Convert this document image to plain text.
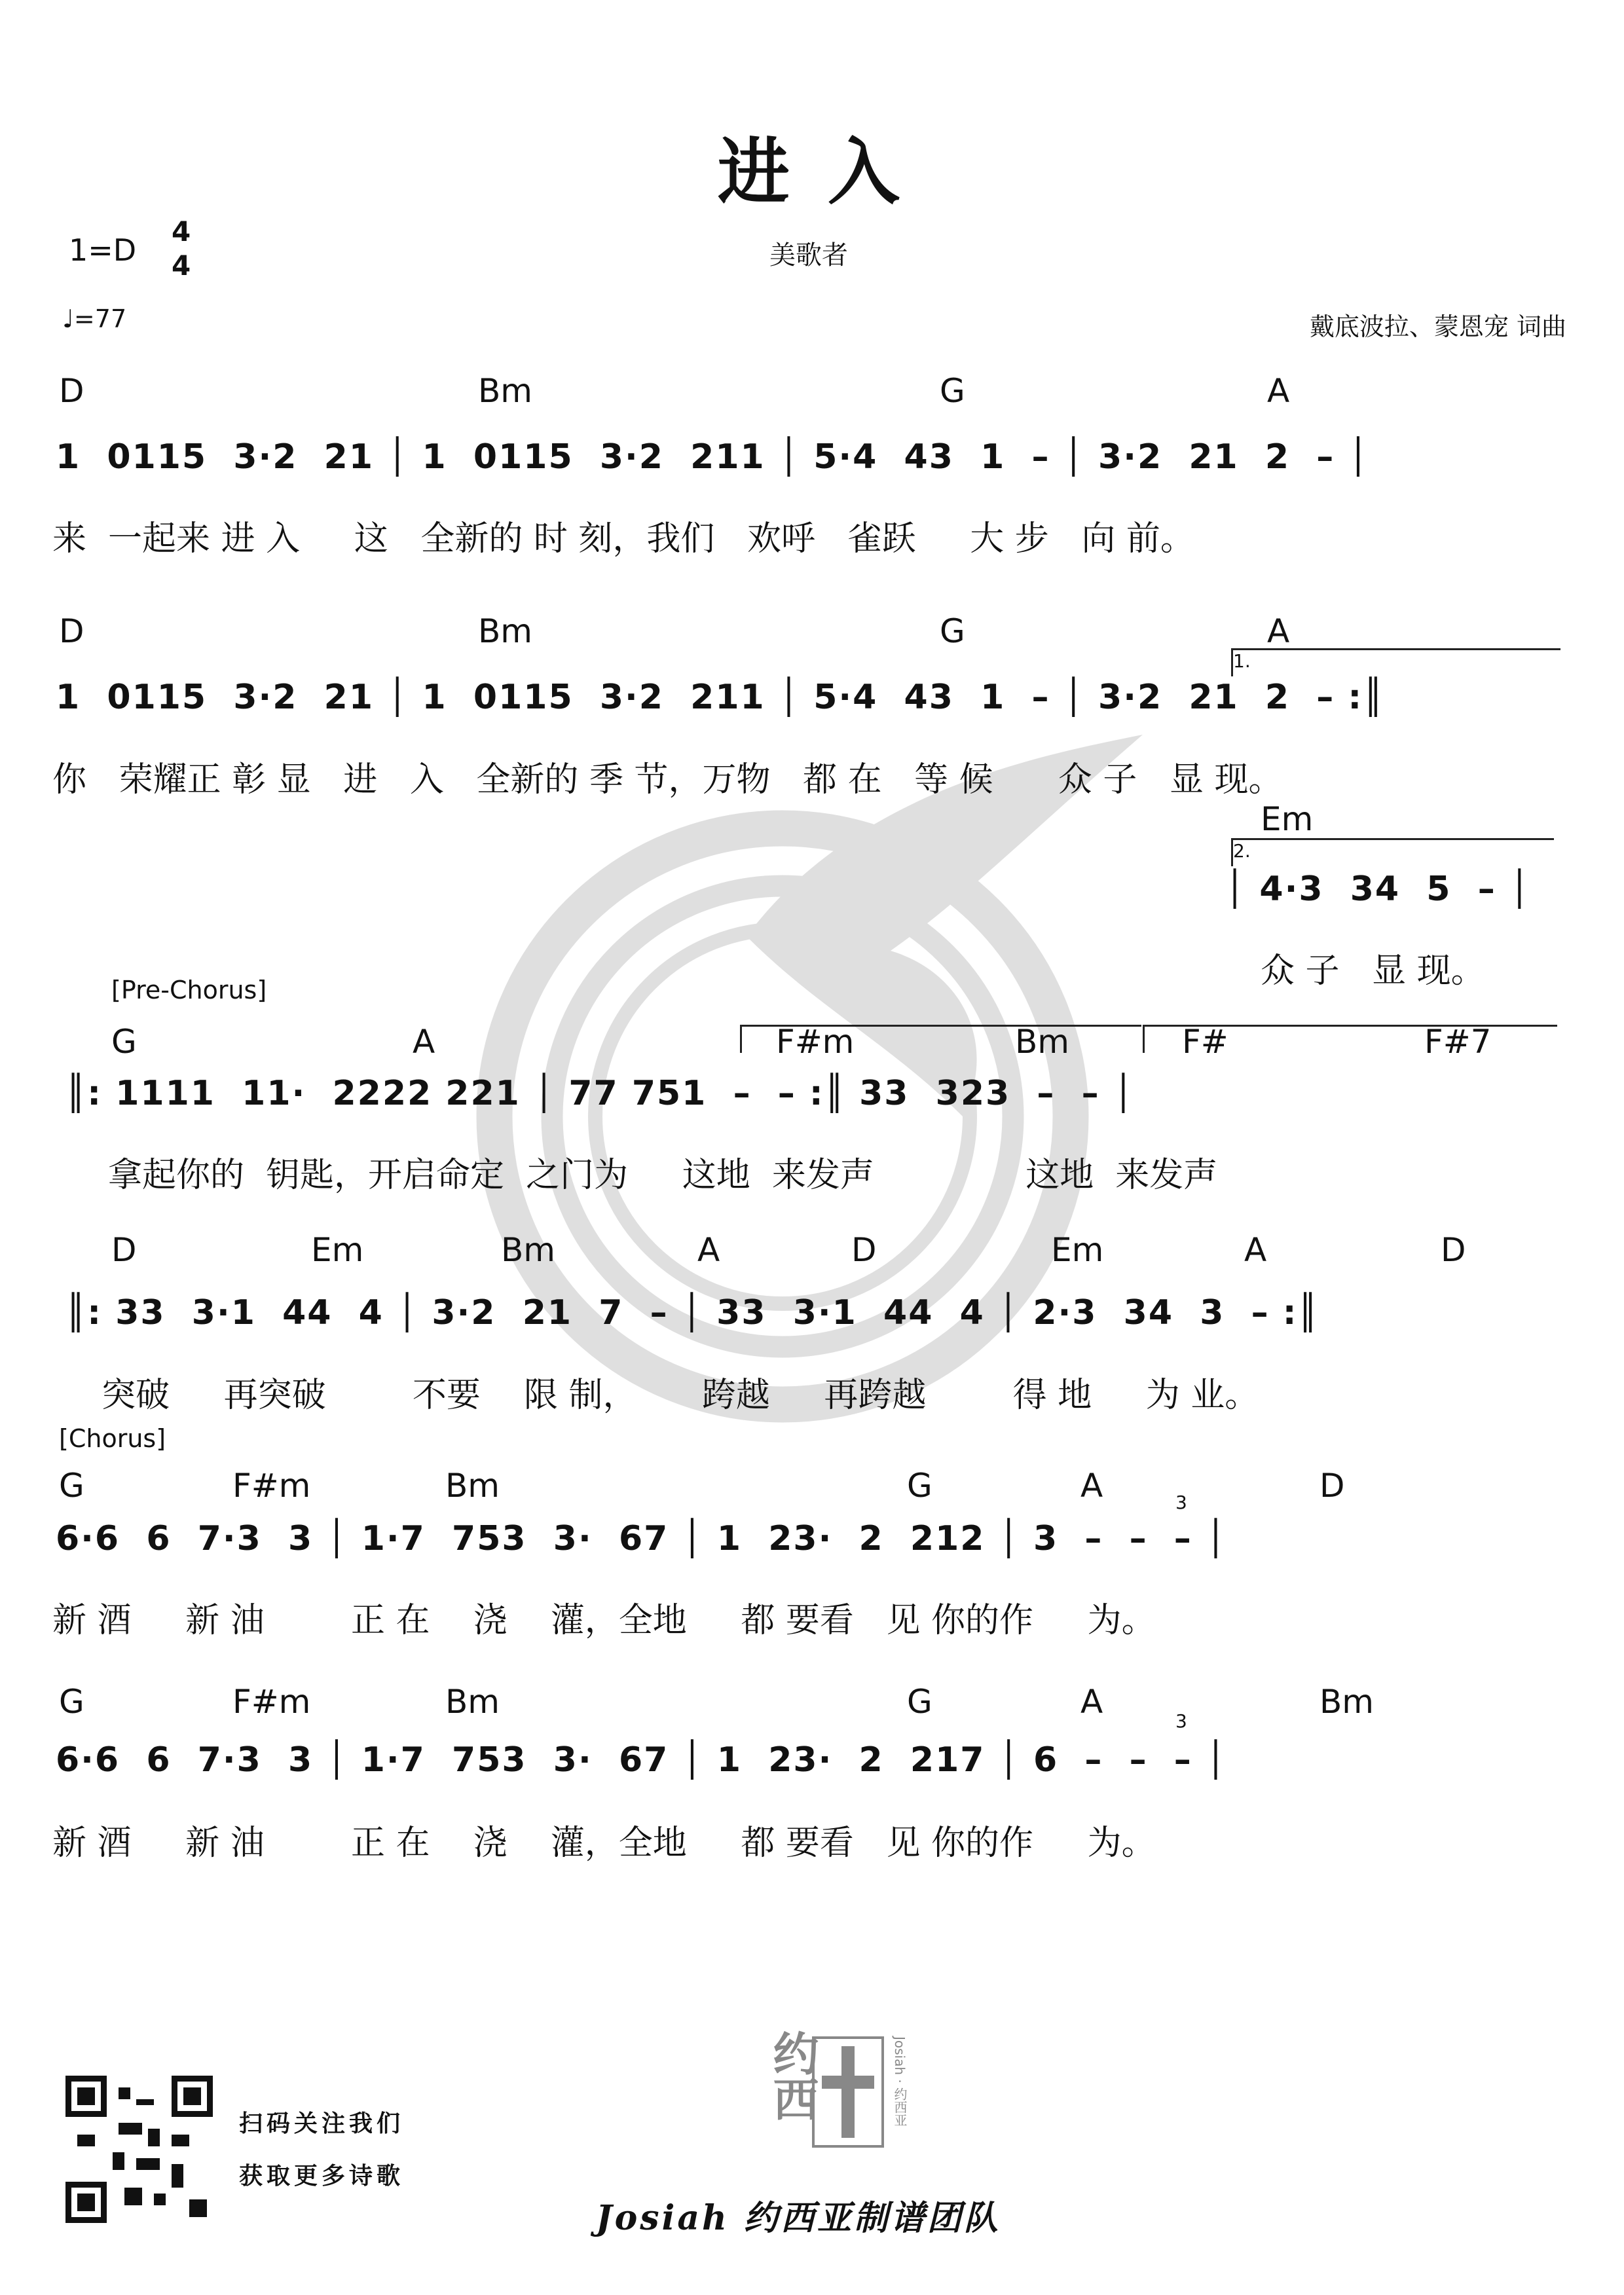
进 入
1=D
4
4	美歌者
♩=77	戴底波拉、蒙恩宠 词曲
D	Bm	G	A
1  0115  3·2  21 │ 1  0115  3·2  211 │ 5·4  43  1  – │ 3·2  21  2  – │
来  一起来 进 入     这   全新的 时 刻，我们   欢呼   雀跃     大 步   向 前。
D	Bm	G	A
1.
1  0115  3·2  21 │ 1  0115  3·2  211 │ 5·4  43  1  – │ 3·2  21  2  – :║
你   荣耀正 彰 显   进   入   全新的 季 节，万物   都 在   等 候      众 子   显 现。
Em
2.
│ 4·3  34  5  – │
众 子   显 现。
[Pre-Chorus]
G	A	F#m	Bm	F#	F#7
║: 1111  11·  2222 221 │ 77 751  –  – :║ 33  323  –  – │
拿起你的  钥匙，开启命定  之门为     这地  来发声              这地  来发声
D	Em	Bm	A	D	Em	A	D
║: 33  3·1  44  4 │ 3·2  21  7  – │ 33  3·1  44  4 │ 2·3  34  3  – :║
突破     再突破        不要    限 制，      跨越     再跨越        得 地     为 业。
[Chorus]
G	F#m	Bm	G	A	D
6·6  6  7·3  3 │ 1·7  753  3·  67 │ 1  23·  2  212 │ 3  –  –  – │
新 酒     新 油        正 在    浇    灌，全地     都 要看   见 你的作     为。
G	F#m	Bm	G	A	Bm
6·6  6  7·3  3 │ 1·7  753  3·  67 │ 1  23·  2  217 │ 6  –  –  – │
新 酒     新 油        正 在    浇    灌，全地     都 要看   见 你的作     为。
3
3
扫码关注我们
获取更多诗歌
约西	Josiah · 约西亚
Josiah 约西亚制谱团队
